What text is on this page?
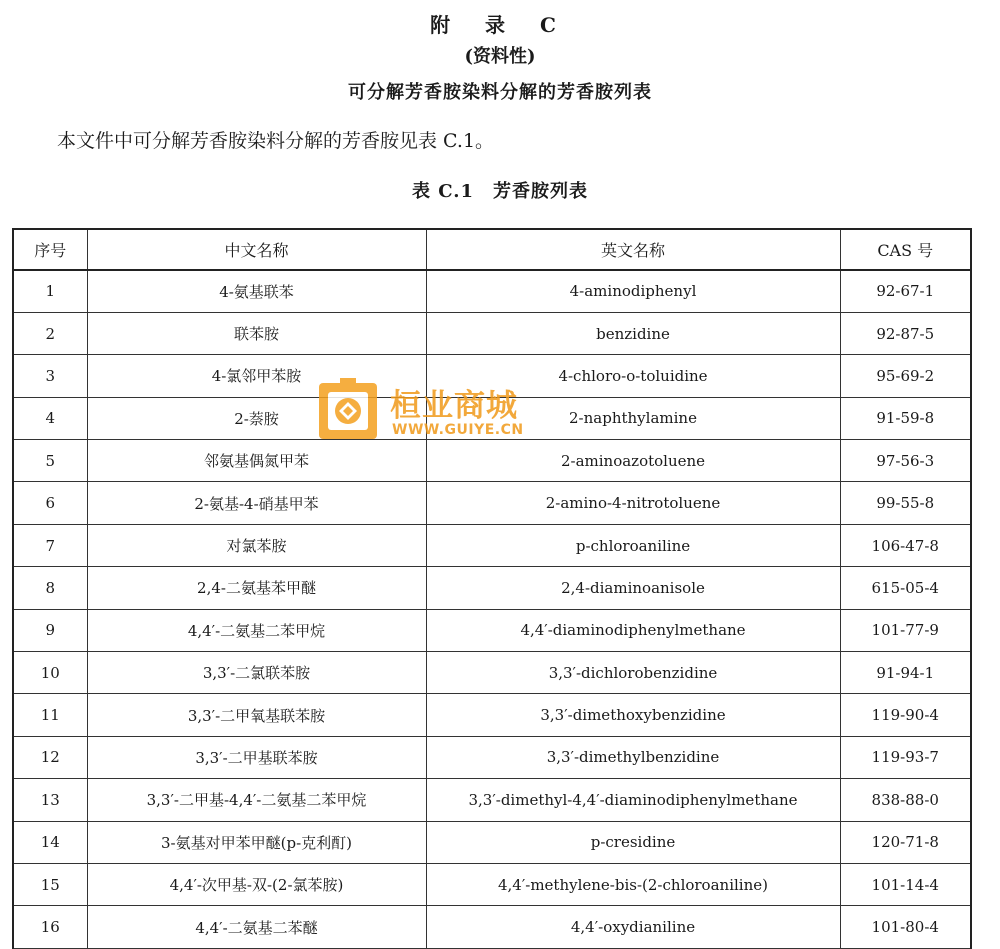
附 录 C
(资料性)
可分解芳香胺染料分解的芳香胺列表
本文件中可分解芳香胺染料分解的芳香胺见表 C.1。
表 C.1　芳香胺列表
序号	中文名称	英文名称	CAS 号
1	4-氨基联苯	4-aminodiphenyl	92-67-1
2	联苯胺	benzidine	92-87-5
3	4-氯邻甲苯胺	4-chloro-o-toluidine	95-69-2
4	2-萘胺	2-naphthylamine	91-59-8
5	邻氨基偶氮甲苯	2-aminoazotoluene	97-56-3
6	2-氨基-4-硝基甲苯	2-amino-4-nitrotoluene	99-55-8
7	对氯苯胺	p-chloroaniline	106-47-8
8	2,4-二氨基苯甲醚	2,4-diaminoanisole	615-05-4
9	4,4′-二氨基二苯甲烷	4,4′-diaminodiphenylmethane	101-77-9
10	3,3′-二氯联苯胺	3,3′-dichlorobenzidine	91-94-1
11	3,3′-二甲氧基联苯胺	3,3′-dimethoxybenzidine	119-90-4
12	3,3′-二甲基联苯胺	3,3′-dimethylbenzidine	119-93-7
13	3,3′-二甲基-4,4′-二氨基二苯甲烷	3,3′-dimethyl-4,4′-diaminodiphenylmethane	838-88-0
14	3-氨基对甲苯甲醚(p-克利酊)	p-cresidine	120-71-8
15	4,4′-次甲基-双-(2-氯苯胺)	4,4′-methylene-bis-(2-chloroaniline)	101-14-4
16	4,4′-二氨基二苯醚	4,4′-oxydianiline	101-80-4
桓业商城
WWW.GUIYE.CN
